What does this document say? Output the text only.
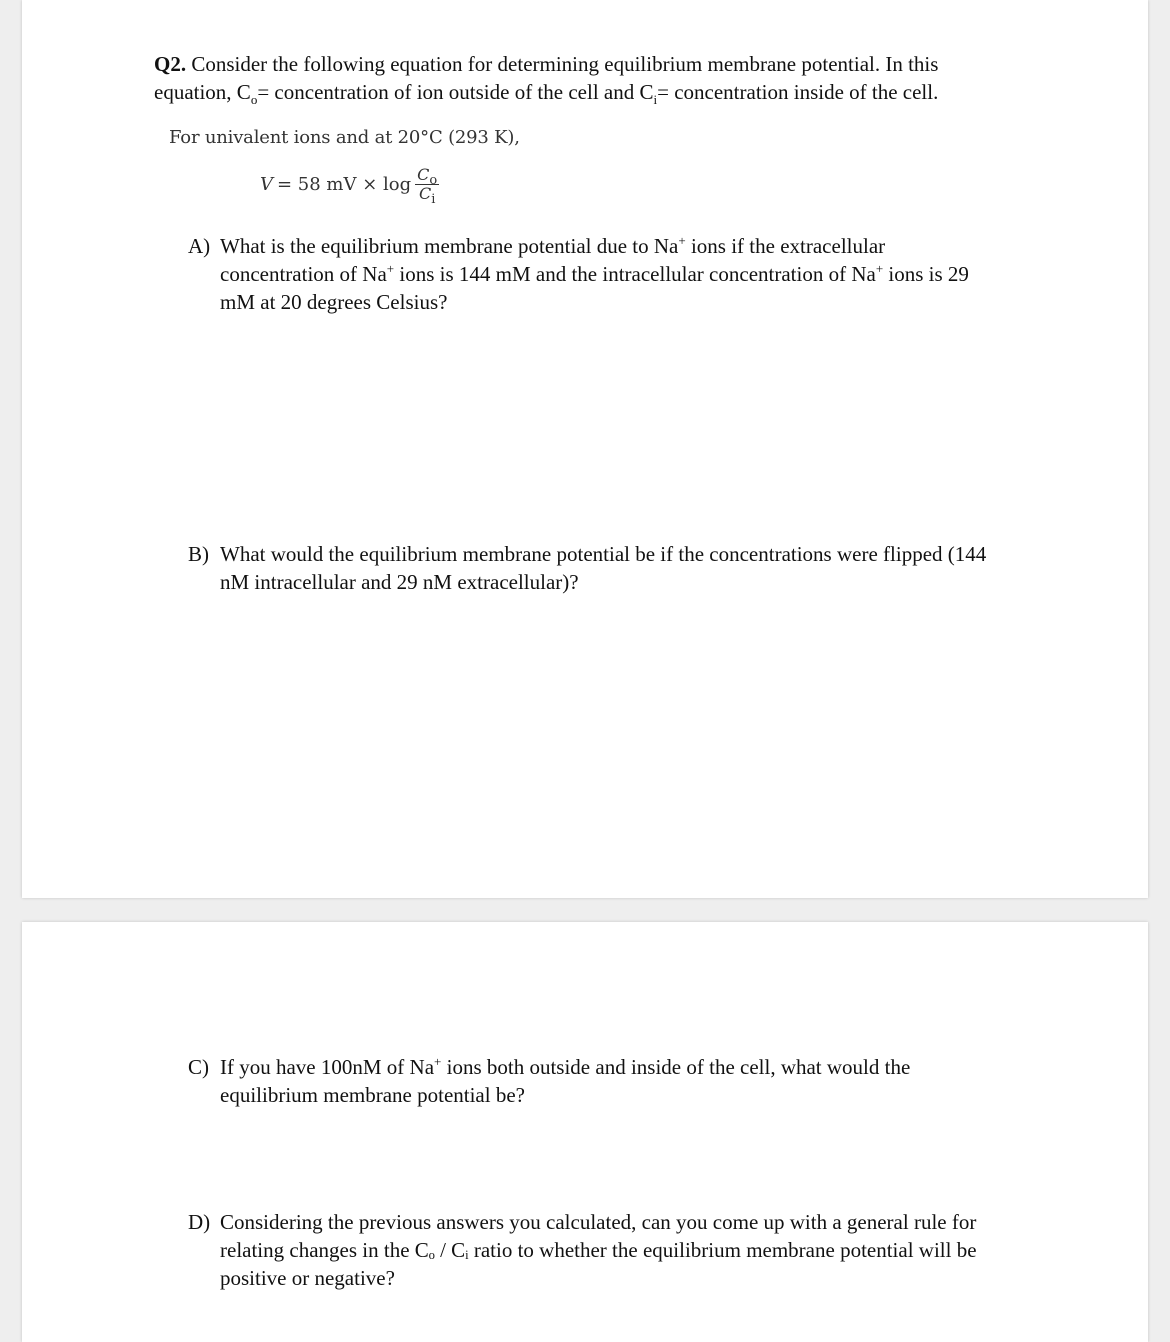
Q2. Consider the following equation for determining equilibrium membrane potential. In this equation, $C_o=$ concentration of ion outside of the cell and $C_i=$ concentration inside of the cell.
For univalent ions and at 20°C (293 K),
V = 58 mV × $\log \frac{C_o}{C_i}$
A) What is the equilibrium membrane potential due to Na+ ions if the extracellular concentration of Na+ ions is 144 mM and the intracellular concentration of Na+ ions is 29 mM at 20 degrees Celsius?
B) What would the equilibrium membrane potential be if the concentrations were flipped (144 nM intracellular and 29 nM extracellular)?
C) If you have 100nM of Na+ ions both outside and inside of the cell, what would the equilibrium membrane potential be?
D) Considering the previous answers you calculated, can you come up with a general rule for relating changes in the Cₒ / Cᵢ ratio to whether the equilibrium membrane potential will be positive or negative?
